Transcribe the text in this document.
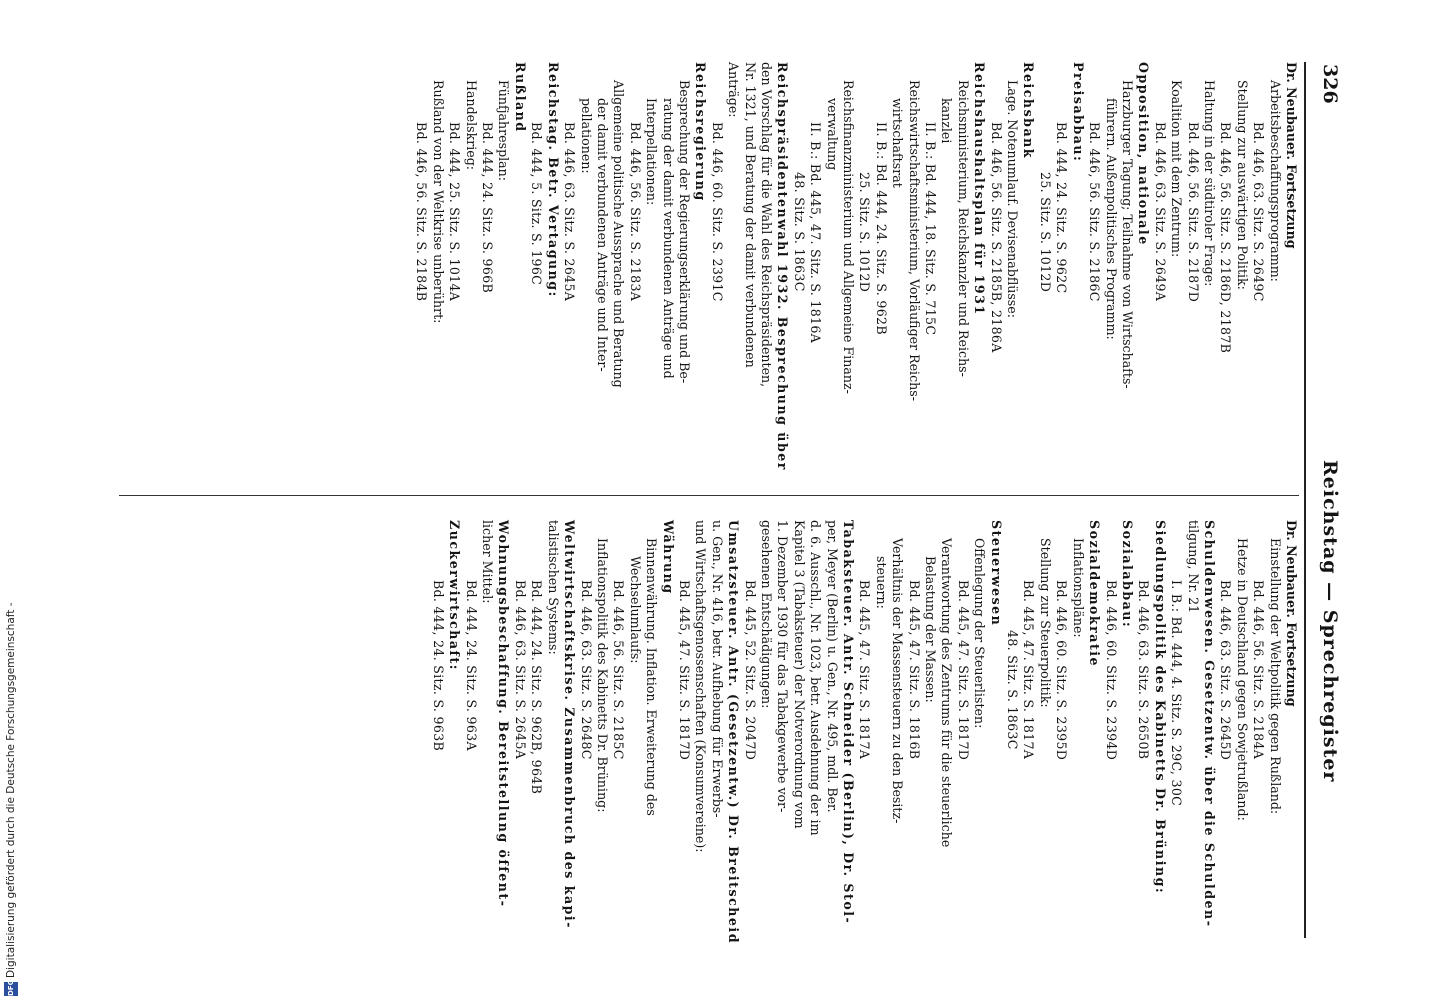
326
Reichstag — Sprechregister
Dr. Neubauer. Fortsetzung
Arbeitsbeschaffungsprogramm:
Bd. 446, 63. Sitz. S. 2649C
Stellung zur auswärtigen Politik:
Bd. 446, 56. Sitz. S. 2186D, 2187B
Haltung in der südtiroler Frage:
Bd. 446, 56. Sitz. S. 2187D
Koalition mit dem Zentrum:
Bd. 446, 63. Sitz. S. 2649A
Opposition, nationale
Harzburger Tagung; Teilnahme von Wirtschafts-
führern. Außenpolitisches Programm:
Bd. 446, 56. Sitz. S. 2186C
Preisabbau:
Bd. 444, 24. Sitz. S. 962C
25. Sitz. S. 1012D
Reichsbank
Lage. Notenumlauf. Devisenabflüsse:
Bd. 446, 56. Sitz. S. 2185B, 2186A
Reichshaushaltsplan für 1931
Reichsministerium, Reichskanzler und Reichs-
kanzlei
II. B.: Bd. 444, 18. Sitz. S. 715C
Reichswirtschaftsministerium, Vorläufiger Reichs-
wirtschaftsrat
II. B.: Bd. 444, 24. Sitz. S. 962B
25. Sitz. S. 1012D
Reichsfinanzministerium und Allgemeine Finanz-
verwaltung
II. B.: Bd. 445, 47. Sitz. S. 1816A
48. Sitz. S. 1863C
Reichspräsidentenwahl 1932. Besprechung über
den Vorschlag für die Wahl des Reichspräsidenten,
Nr. 1321, und Beratung der damit verbundenen
Anträge:
Bd. 446, 60. Sitz. S. 2391C
Reichsregierung
Besprechung der Regierungserklärung und Be-
ratung der damit verbundenen Anträge und
Interpellationen:
Bd. 446, 56. Sitz. S. 2183A
Allgemeine politische Aussprache und Beratung
der damit verbundenen Anträge und Inter-
pellationen:
Bd. 446, 63. Sitz. S. 2645A
Reichstag. Betr. Vertagung:
Bd. 444, 5. Sitz. S. 196C
Rußland
Fünfjahresplan:
Bd. 444, 24. Sitz. S. 966B
Handelskrieg:
Bd. 444, 25. Sitz. S. 1014A
Rußland von der Weltkrise unberührt:
Bd. 446, 56. Sitz. S. 2184B
Dr. Neubauer. Fortsetzung
Einstellung der Weltpolitik gegen Rußland:
Bd. 446, 56. Sitz. S. 2184A
Hetze in Deutschland gegen Sowjetrußland:
Bd. 446, 63. Sitz. S. 2645D
Schuldenwesen. Gesetzentw. über die Schulden-
tilgung, Nr. 21
I. B.: Bd. 444, 4. Sitz. S. 29C, 30C
Siedlungspolitik des Kabinetts Dr. Brüning:
Bd. 446, 63. Sitz. S. 2650B
Sozialabbau:
Bd. 446, 60. Sitz. S. 2394D
Sozialdemokratie
Inflationspläne:
Bd. 446, 60. Sitz. S. 2395D
Stellung zur Steuerpolitik:
Bd. 445, 47. Sitz. S. 1817A
48. Sitz. S. 1863C
Steuerwesen
Offenlegung der Steuerlisten:
Bd. 445, 47. Sitz. S. 1817D
Verantwortung des Zentrums für die steuerliche
Belastung der Massen:
Bd. 445, 47. Sitz. S. 1816B
Verhältnis der Massensteuern zu den Besitz-
steuern:
Bd. 445, 47. Sitz. S. 1817A
Tabaksteuer. Antr. Schneider (Berlin), Dr. Stol-
per, Meyer (Berlin) u. Gen., Nr. 495, mdl. Ber.
d. 6. Ausschl., Nr. 1023, betr. Ausdehnung der im
Kapitel 3 (Tabaksteuer) der Notverordnung vom
1. Dezember 1930 für das Tabakgewerbe vor-
gesehenen Entschädigungen:
Bd. 445, 52. Sitz. S. 2047D
Umsatzsteuer. Antr. (Gesetzentw.) Dr. Breitscheid
u. Gen., Nr. 416, betr. Aufhebung für Erwerbs-
und Wirtschaftsgenossenschaften (Konsumvereine):
Bd. 445, 47. Sitz. S. 1817D
Währung
Binnenwährung. Inflation. Erweiterung des
Wechselumlaufs:
Bd. 446, 56. Sitz. S. 2185C
Inflationspolitik des Kabinetts Dr. Brüning:
Bd. 446, 63. Sitz. S. 2648C
Weltwirtschaftskrise. Zusammenbruch des kapi-
talistischen Systems:
Bd. 444, 24. Sitz. S. 962B, 964B
Bd. 446, 63. Sitz. S. 2645A
Wohnungsbeschaffung. Bereitstellung öffent-
licher Mittel:
Bd. 444, 24. Sitz. S. 963A
Zuckerwirtschaft:
Bd. 444, 24. Sitz. S. 963B
DFG
Digitalisierung gefördert durch die Deutsche Forschungsgemeinschaft -
